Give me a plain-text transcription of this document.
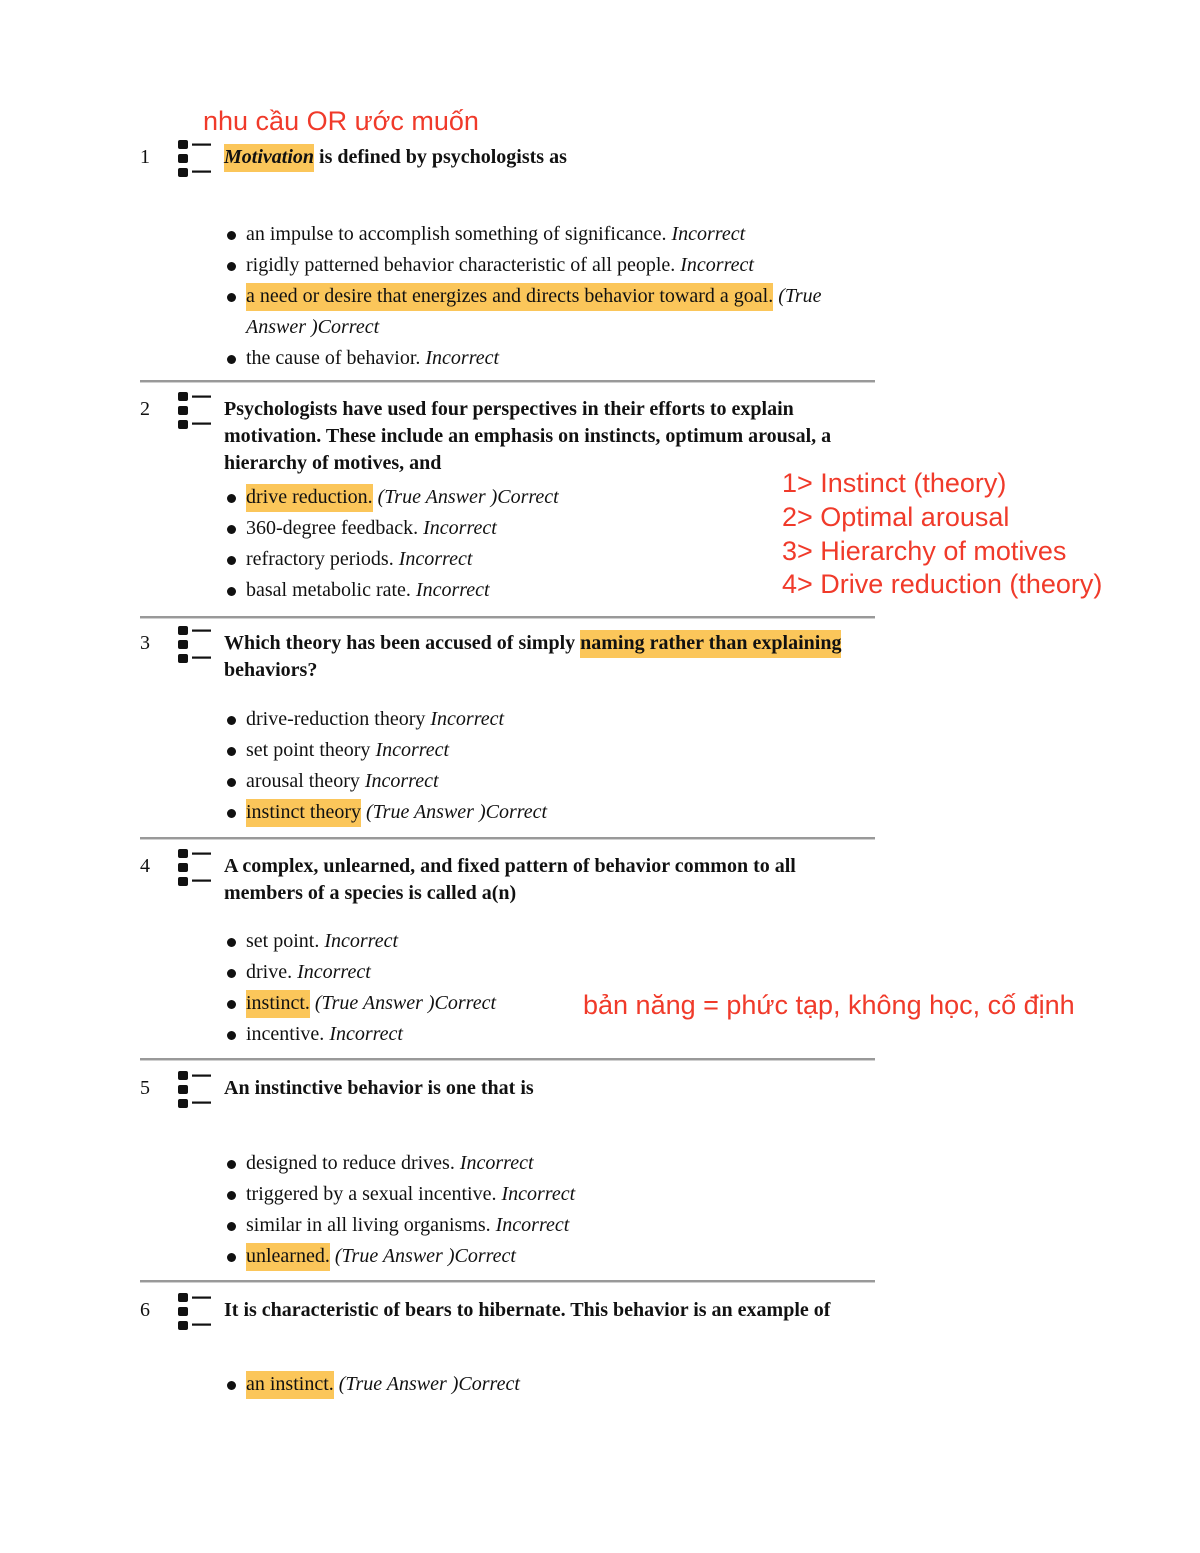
nhu cầu OR ước muốn
1> Instinct (theory)
2> Optimal arousal
3> Hierarchy of motives
4> Drive reduction (theory)
bản năng = phức tạp, không học, cố định
1	Motivation is defined by psychologists as
an impulse to accomplish something of significance. Incorrect
rigidly patterned behavior characteristic of all people. Incorrect
a need or desire that energizes and directs behavior toward a goal. (True Answer )Correct
the cause of behavior. Incorrect
2	Psychologists have used four perspectives in their efforts to explain motivation. These include an emphasis on instincts, optimum arousal, a hierarchy of motives, and
drive reduction. (True Answer )Correct
360-degree feedback. Incorrect
refractory periods. Incorrect
basal metabolic rate. Incorrect
3	Which theory has been accused of simply naming rather than explaining behaviors?
drive-reduction theory Incorrect
set point theory Incorrect
arousal theory Incorrect
instinct theory (True Answer )Correct
4	A complex, unlearned, and fixed pattern of behavior common to all members of a species is called a(n)
set point. Incorrect
drive. Incorrect
instinct. (True Answer )Correct
incentive. Incorrect
5	An instinctive behavior is one that is
designed to reduce drives. Incorrect
triggered by a sexual incentive. Incorrect
similar in all living organisms. Incorrect
unlearned. (True Answer )Correct
6	It is characteristic of bears to hibernate. This behavior is an example of
an instinct. (True Answer )Correct
